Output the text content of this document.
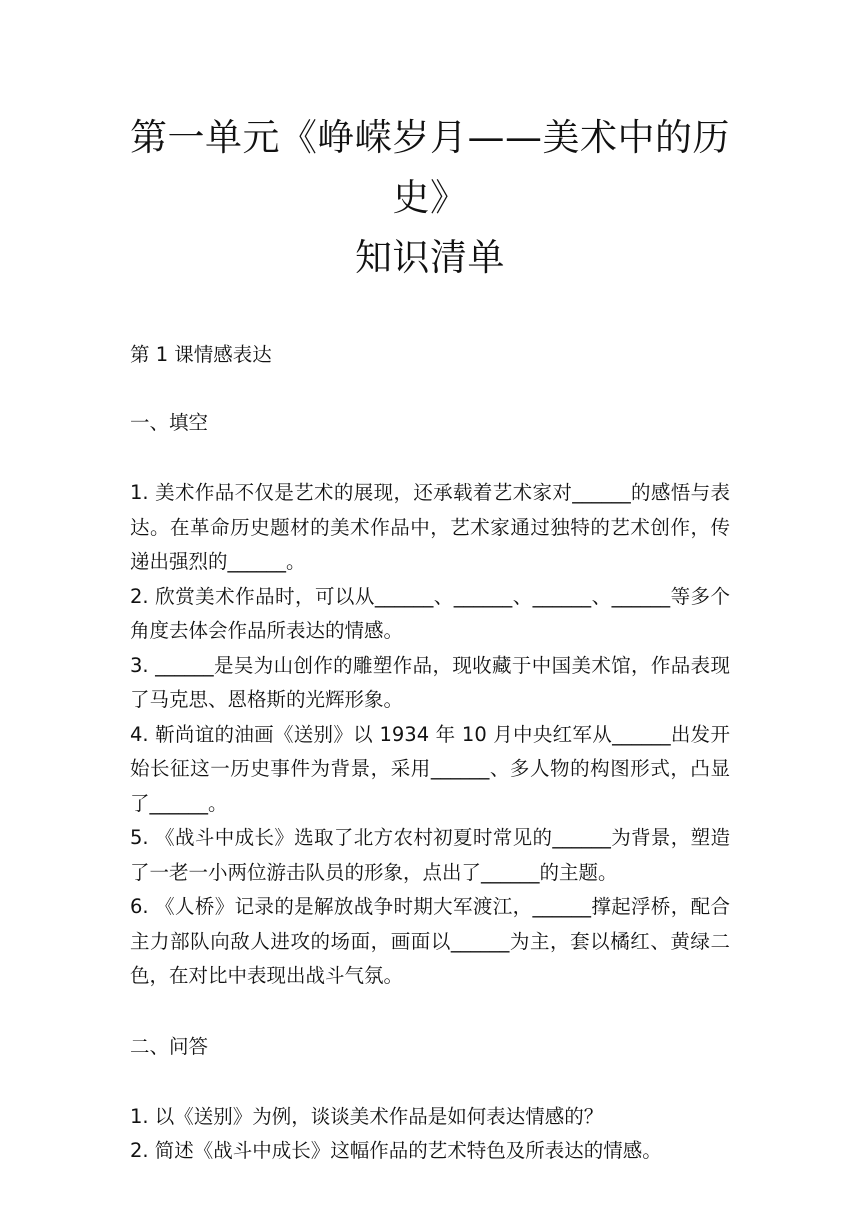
第一单元《峥嵘岁月——美术中的历史》
知识清单

第 1 课情感表达

一、填空

1. 美术作品不仅是艺术的展现，还承载着艺术家对______的感悟与表达。在革命历史题材的美术作品中，艺术家通过独特的艺术创作，传递出强烈的______。
2. 欣赏美术作品时，可以从______、______、______、______等多个角度去体会作品所表达的情感。
3. ______是吴为山创作的雕塑作品，现收藏于中国美术馆，作品表现了马克思、恩格斯的光辉形象。
4. 靳尚谊的油画《送别》以 1934 年 10 月中央红军从______出发开始长征这一历史事件为背景，采用______、多人物的构图形式，凸显了______。
5. 《战斗中成长》选取了北方农村初夏时常见的______为背景，塑造了一老一小两位游击队员的形象，点出了______的主题。
6. 《人桥》记录的是解放战争时期大军渡江，______撑起浮桥，配合主力部队向敌人进攻的场面，画面以______为主，套以橘红、黄绿二色，在对比中表现出战斗气氛。

二、问答

1. 以《送别》为例，谈谈美术作品是如何表达情感的？
2. 简述《战斗中成长》这幅作品的艺术特色及所表达的情感。
